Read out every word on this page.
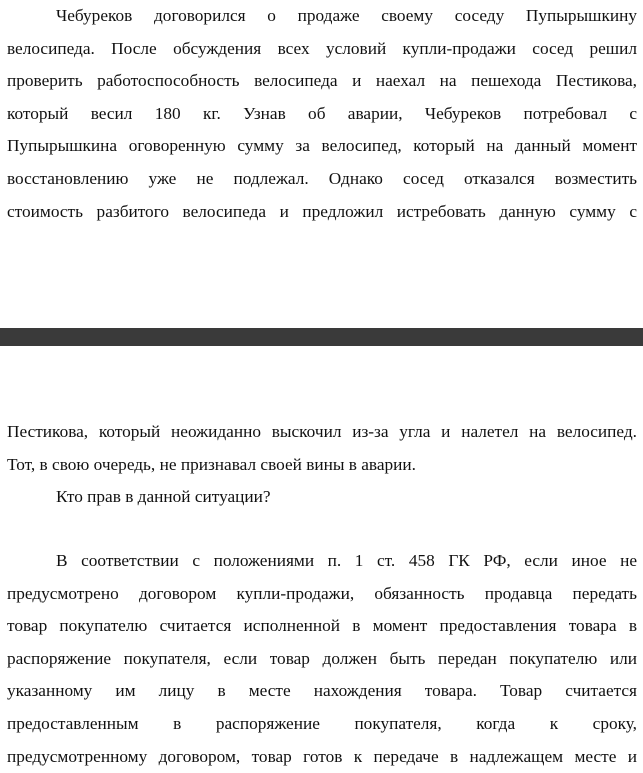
Чебуреков договорился о продаже своему соседу Пупырышкину
велосипеда. После обсуждения всех условий купли-продажи сосед решил
проверить работоспособность велосипеда и наехал на пешехода Пестикова,
который весил 180 кг. Узнав об аварии, Чебуреков потребовал с
Пупырышкина оговоренную сумму за велосипед, который на данный момент
восстановлению уже не подлежал. Однако сосед отказался возместить
стоимость разбитого велосипеда и предложил истребовать данную сумму с

Пестикова, который неожиданно выскочил из-за угла и налетел на велосипед.
Тот, в свою очередь, не признавал своей вины в аварии.
Кто прав в данной ситуации?

В соответствии с положениями п. 1 ст. 458 ГК РФ, если иное не
предусмотрено договором купли-продажи, обязанность продавца передать
товар покупателю считается исполненной в момент предоставления товара в
распоряжение покупателя, если товар должен быть передан покупателю или
указанному им лицу в месте нахождения товара. Товар считается
предоставленным в распоряжение покупателя, когда к сроку,
предусмотренному договором, товар готов к передаче в надлежащем месте и
